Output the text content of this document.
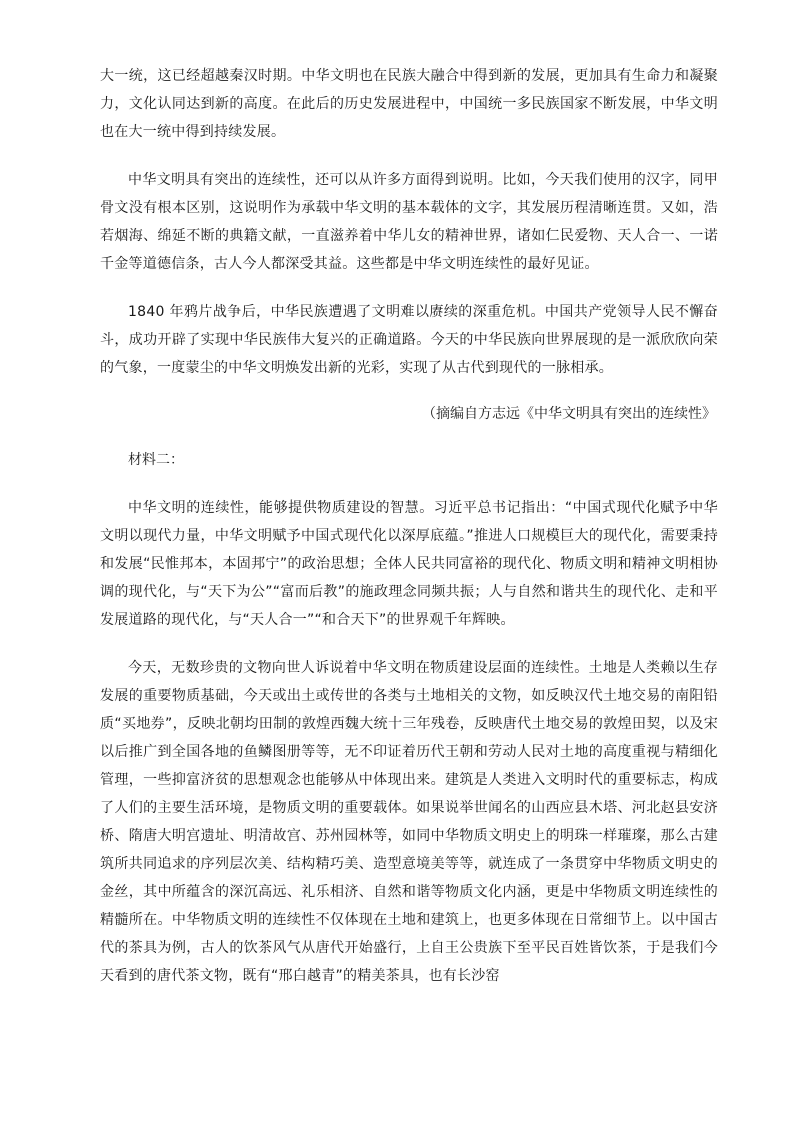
大一统，这已经超越秦汉时期。中华文明也在民族大融合中得到新的发展，更加具有生命力和凝聚力，文化认同达到新的高度。在此后的历史发展进程中，中国统一多民族国家不断发展，中华文明也在大一统中得到持续发展。

中华文明具有突出的连续性，还可以从许多方面得到说明。比如，今天我们使用的汉字，同甲骨文没有根本区别，这说明作为承载中华文明的基本载体的文字，其发展历程清晰连贯。又如，浩若烟海、绵延不断的典籍文献，一直滋养着中华儿女的精神世界，诸如仁民爱物、天人合一、一诺千金等道德信条，古人今人都深受其益。这些都是中华文明连续性的最好见证。

1840 年鸦片战争后，中华民族遭遇了文明难以赓续的深重危机。中国共产党领导人民不懈奋斗，成功开辟了实现中华民族伟大复兴的正确道路。今天的中华民族向世界展现的是一派欣欣向荣的气象，一度蒙尘的中华文明焕发出新的光彩，实现了从古代到现代的一脉相承。

（摘编自方志远《中华文明具有突出的连续性》

材料二：

中华文明的连续性，能够提供物质建设的智慧。习近平总书记指出：“中国式现代化赋予中华文明以现代力量，中华文明赋予中国式现代化以深厚底蕴。”推进人口规模巨大的现代化，需要秉持和发展“民惟邦本，本固邦宁”的政治思想；全体人民共同富裕的现代化、物质文明和精神文明相协调的现代化，与“天下为公”“富而后教”的施政理念同频共振；人与自然和谐共生的现代化、走和平发展道路的现代化，与“天人合一”“和合天下”的世界观千年辉映。

今天，无数珍贵的文物向世人诉说着中华文明在物质建设层面的连续性。土地是人类赖以生存发展的重要物质基础，今天或出土或传世的各类与土地相关的文物，如反映汉代土地交易的南阳铅质“买地券”，反映北朝均田制的敦煌西魏大统十三年残卷，反映唐代土地交易的敦煌田契，以及宋以后推广到全国各地的鱼鳞图册等等，无不印证着历代王朝和劳动人民对土地的高度重视与精细化管理，一些抑富济贫的思想观念也能够从中体现出来。建筑是人类进入文明时代的重要标志，构成了人们的主要生活环境，是物质文明的重要载体。如果说举世闻名的山西应县木塔、河北赵县安济桥、隋唐大明宫遗址、明清故宫、苏州园林等，如同中华物质文明史上的明珠一样璀璨，那么古建筑所共同追求的序列层次美、结构精巧美、造型意境美等等，就连成了一条贯穿中华物质文明史的金丝，其中所蕴含的深沉高远、礼乐相济、自然和谐等物质文化内涵，更是中华物质文明连续性的精髓所在。中华物质文明的连续性不仅体现在土地和建筑上，也更多体现在日常细节上。以中国古代的茶具为例，古人的饮茶风气从唐代开始盛行，上自王公贵族下至平民百姓皆饮茶，于是我们今天看到的唐代茶文物，既有“邢白越青”的精美茶具，也有长沙窑
